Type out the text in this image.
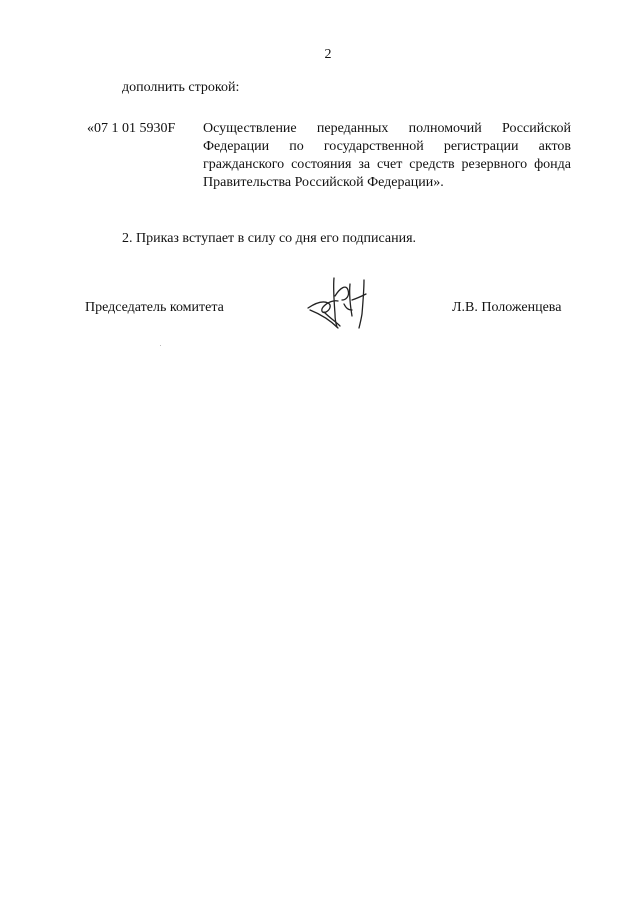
2
дополнить строкой:
«07 1 01 5930F Осуществление переданных полномочий Российской Федерации по государственной регистрации актов гражданского состояния за счет средств резервного фонда Правительства Российской Федерации».
2. Приказ вступает в силу со дня его подписания.
Председатель комитета	Л.В. Положенцева
